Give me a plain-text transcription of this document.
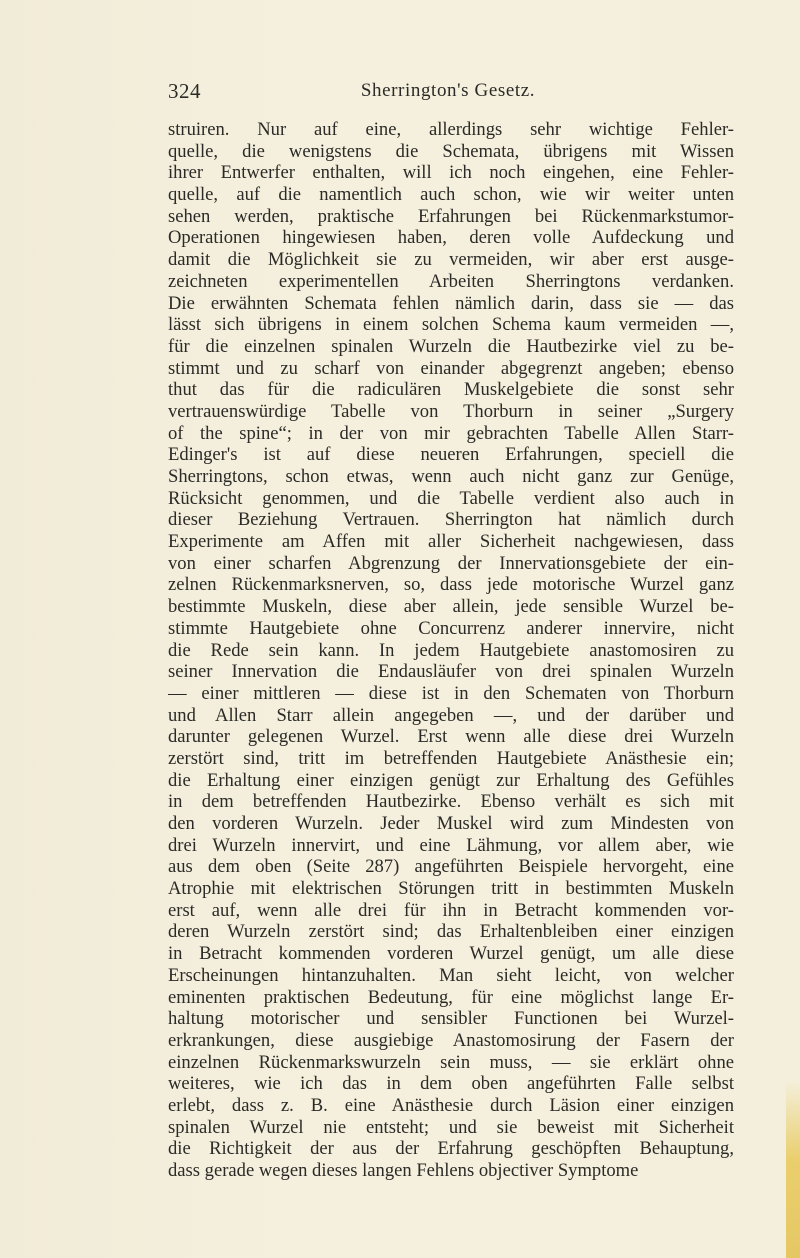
324	Sherrington's Gesetz.
struiren. Nur auf eine, allerdings sehr wichtige Fehler-
quelle, die wenigstens die Schemata, übrigens mit Wissen
ihrer Entwerfer enthalten, will ich noch eingehen, eine Fehler-
quelle, auf die namentlich auch schon, wie wir weiter unten
sehen werden, praktische Erfahrungen bei Rückenmarkstumor-
Operationen hingewiesen haben, deren volle Aufdeckung und
damit die Möglichkeit sie zu vermeiden, wir aber erst ausge-
zeichneten experimentellen Arbeiten Sherringtons verdanken.
Die erwähnten Schemata fehlen nämlich darin, dass sie — das
lässt sich übrigens in einem solchen Schema kaum vermeiden —,
für die einzelnen spinalen Wurzeln die Hautbezirke viel zu be-
stimmt und zu scharf von einander abgegrenzt angeben; ebenso
thut das für die radiculären Muskelgebiete die sonst sehr
vertrauenswürdige Tabelle von Thorburn in seiner „Surgery
of the spine“; in der von mir gebrachten Tabelle Allen Starr-
Edinger's ist auf diese neueren Erfahrungen, speciell die
Sherringtons, schon etwas, wenn auch nicht ganz zur Genüge,
Rücksicht genommen, und die Tabelle verdient also auch in
dieser Beziehung Vertrauen. Sherrington hat nämlich durch
Experimente am Affen mit aller Sicherheit nachgewiesen, dass
von einer scharfen Abgrenzung der Innervationsgebiete der ein-
zelnen Rückenmarksnerven, so, dass jede motorische Wurzel ganz
bestimmte Muskeln, diese aber allein, jede sensible Wurzel be-
stimmte Hautgebiete ohne Concurrenz anderer innervire, nicht
die Rede sein kann. In jedem Hautgebiete anastomosiren zu
seiner Innervation die Endausläufer von drei spinalen Wurzeln
— einer mittleren — diese ist in den Schematen von Thorburn
und Allen Starr allein angegeben —, und der darüber und
darunter gelegenen Wurzel. Erst wenn alle diese drei Wurzeln
zerstört sind, tritt im betreffenden Hautgebiete Anästhesie ein;
die Erhaltung einer einzigen genügt zur Erhaltung des Gefühles
in dem betreffenden Hautbezirke. Ebenso verhält es sich mit
den vorderen Wurzeln. Jeder Muskel wird zum Mindesten von
drei Wurzeln innervirt, und eine Lähmung, vor allem aber, wie
aus dem oben (Seite 287) angeführten Beispiele hervorgeht, eine
Atrophie mit elektrischen Störungen tritt in bestimmten Muskeln
erst auf, wenn alle drei für ihn in Betracht kommenden vor-
deren Wurzeln zerstört sind; das Erhaltenbleiben einer einzigen
in Betracht kommenden vorderen Wurzel genügt, um alle diese
Erscheinungen hintanzuhalten. Man sieht leicht, von welcher
eminenten praktischen Bedeutung, für eine möglichst lange Er-
haltung motorischer und sensibler Functionen bei Wurzel-
erkrankungen, diese ausgiebige Anastomosirung der Fasern der
einzelnen Rückenmarkswurzeln sein muss, — sie erklärt ohne
weiteres, wie ich das in dem oben angeführten Falle selbst
erlebt, dass z. B. eine Anästhesie durch Läsion einer einzigen
spinalen Wurzel nie entsteht; und sie beweist mit Sicherheit
die Richtigkeit der aus der Erfahrung geschöpften Behauptung,
dass gerade wegen dieses langen Fehlens objectiver Symptome
